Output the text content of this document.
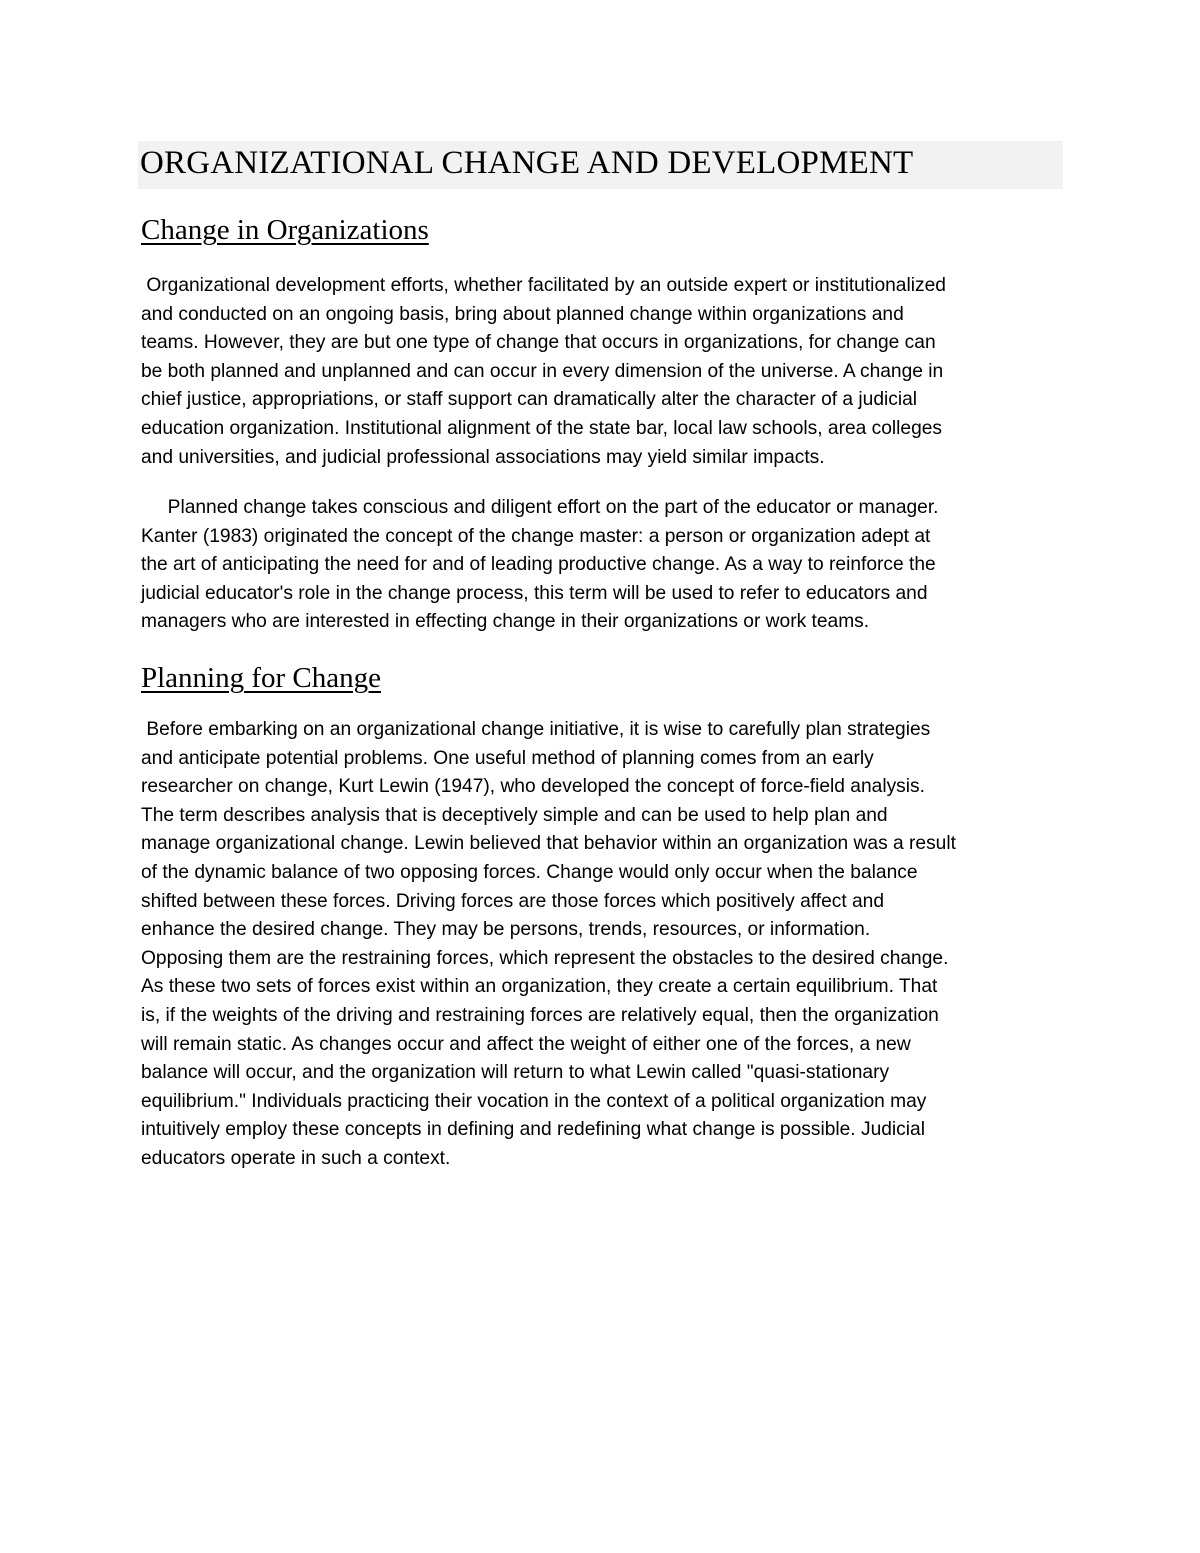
ORGANIZATIONAL CHANGE AND DEVELOPMENT
Change in Organizations
Organizational development efforts, whether facilitated by an outside expert or institutionalized
and conducted on an ongoing basis, bring about planned change within organizations and
teams. However, they are but one type of change that occurs in organizations, for change can
be both planned and unplanned and can occur in every dimension of the universe. A change in
chief justice, appropriations, or staff support can dramatically alter the character of a judicial
education organization. Institutional alignment of the state bar, local law schools, area colleges
and universities, and judicial professional associations may yield similar impacts.
Planned change takes conscious and diligent effort on the part of the educator or manager.
Kanter (1983) originated the concept of the change master: a person or organization adept at
the art of anticipating the need for and of leading productive change. As a way to reinforce the
judicial educator's role in the change process, this term will be used to refer to educators and
managers who are interested in effecting change in their organizations or work teams.
Planning for Change
Before embarking on an organizational change initiative, it is wise to carefully plan strategies
and anticipate potential problems. One useful method of planning comes from an early
researcher on change, Kurt Lewin (1947), who developed the concept of force-field analysis.
The term describes analysis that is deceptively simple and can be used to help plan and
manage organizational change. Lewin believed that behavior within an organization was a result
of the dynamic balance of two opposing forces. Change would only occur when the balance
shifted between these forces. Driving forces are those forces which positively affect and
enhance the desired change. They may be persons, trends, resources, or information.
Opposing them are the restraining forces, which represent the obstacles to the desired change.
As these two sets of forces exist within an organization, they create a certain equilibrium. That
is, if the weights of the driving and restraining forces are relatively equal, then the organization
will remain static. As changes occur and affect the weight of either one of the forces, a new
balance will occur, and the organization will return to what Lewin called "quasi-stationary
equilibrium." Individuals practicing their vocation in the context of a political organization may
intuitively employ these concepts in defining and redefining what change is possible. Judicial
educators operate in such a context.
